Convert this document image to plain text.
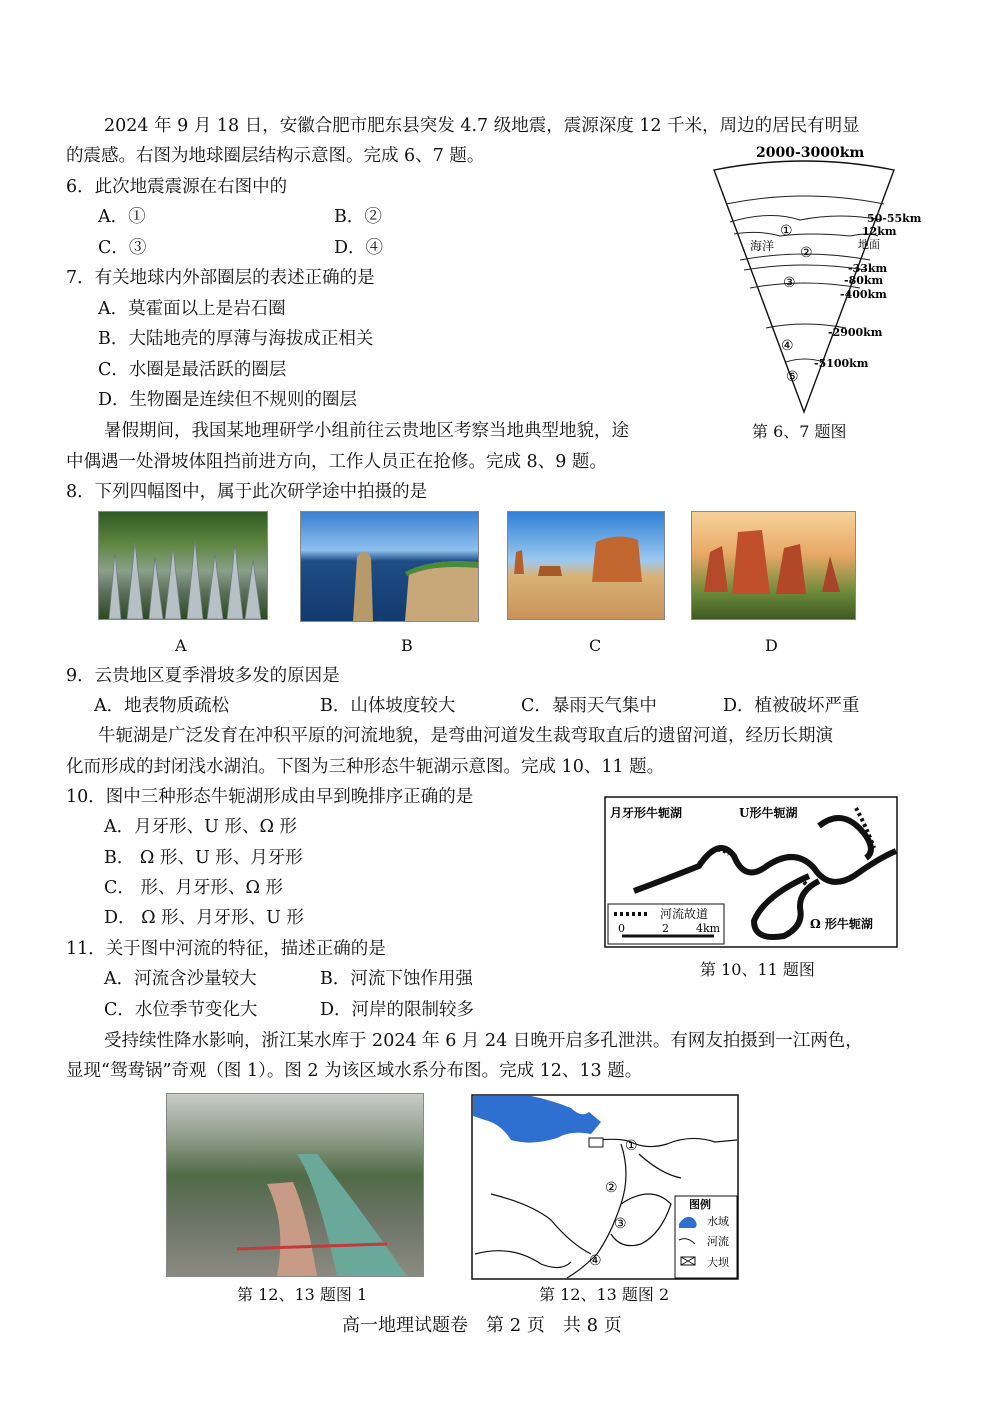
2024 年 9 月 18 日，安徽合肥市肥东县突发 4.7 级地震，震源深度 12 千米，周边的居民有明显
的震感。右图为地球圈层结构示意图。完成 6、7 题。
6．此次地震震源在右图中的
A．①	B．②
C．③	D．④
7．有关地球内外部圈层的表述正确的是
A．莫霍面以上是岩石圈
B．大陆地壳的厚薄与海拔成正相关
C．水圈是最活跃的圈层
D．生物圈是连续但不规则的圈层
2000-3000km
①
②
③
④
⑤
海洋
50-55km
12km
地面
-33km
-80km
-400km
-2900km
-5100km
第 6、7 题图
暑假期间，我国某地理研学小组前往云贵地区考察当地典型地貌，途
中偶遇一处滑坡体阻挡前进方向，工作人员正在抢修。完成 8、9 题。
8．下列四幅图中，属于此次研学途中拍摄的是
A	B	C	D
9．云贵地区夏季滑坡多发的原因是
A．地表物质疏松	B．山体坡度较大	C．暴雨天气集中	D．植被破坏严重
牛轭湖是广泛发育在冲积平原的河流地貌，是弯曲河道发生裁弯取直后的遗留河道，经历长期演
化而形成的封闭浅水湖泊。下图为三种形态牛轭湖示意图。完成 10、11 题。
10．图中三种形态牛轭湖形成由早到晚排序正确的是
A．月牙形、U 形、Ω 形
B． Ω 形、U 形、月牙形
C． 形、月牙形、Ω 形
D． Ω 形、月牙形、U 形
11．关于图中河流的特征，描述正确的是
A．河流含沙量较大	B．河流下蚀作用强
C．水位季节变化大	D．河岸的限制较多
月牙形牛轭湖	U形牛轭湖
Ω 形牛轭湖
河流故道
0	2 4km
第 10、11 题图
受持续性降水影响，浙江某水库于 2024 年 6 月 24 日晚开启多孔泄洪。有网友拍摄到一江两色，
显现“鸳鸯锅”奇观（图 1）。图 2 为该区域水系分布图。完成 12、13 题。
第 12、13 题图 1
①
②
③
④
图例
水域
河流
大坝
第 12、13 题图 2
高一地理试题卷　第 2 页　共 8 页
